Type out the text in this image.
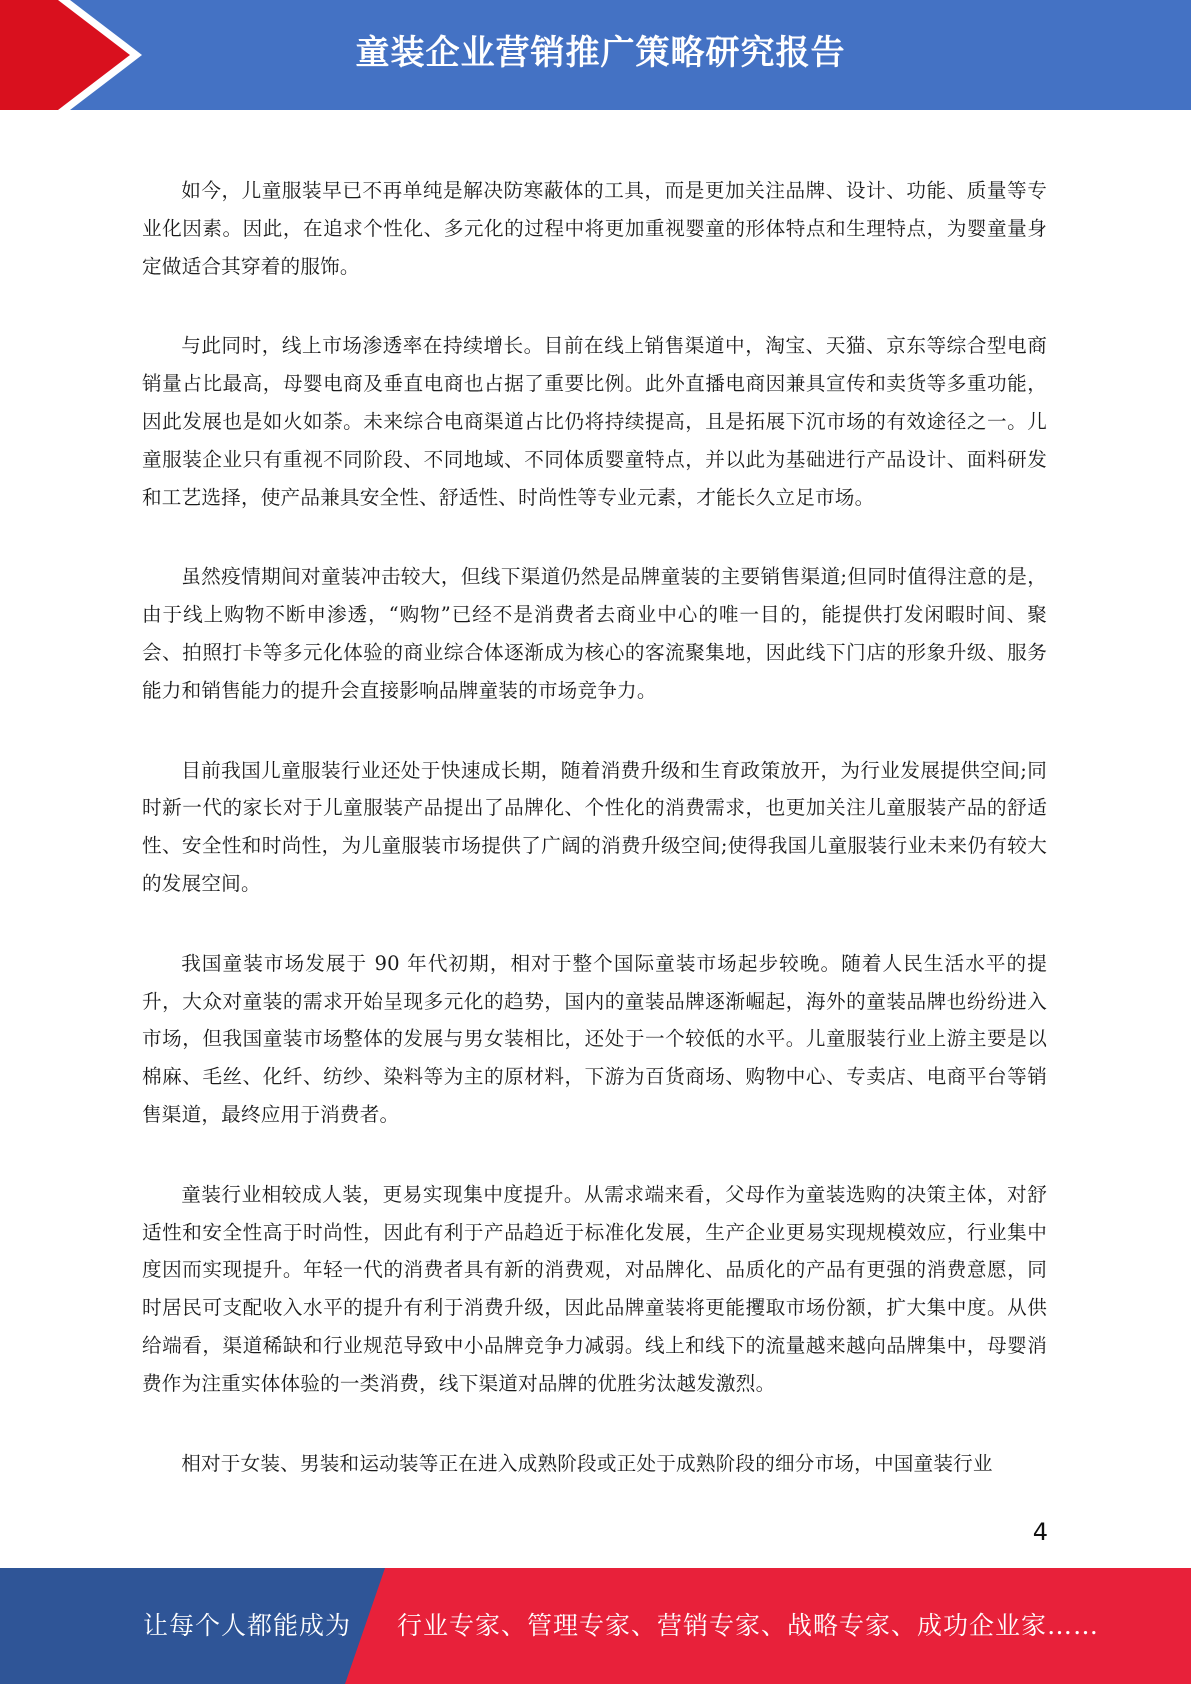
童装企业营销推广策略研究报告

如今，儿童服装早已不再单纯是解决防寒蔽体的工具，而是更加关注品牌、设计、功能、质量等专业化因素。因此，在追求个性化、多元化的过程中将更加重视婴童的形体特点和生理特点，为婴童量身定做适合其穿着的服饰。

与此同时，线上市场渗透率在持续增长。目前在线上销售渠道中，淘宝、天猫、京东等综合型电商销量占比最高，母婴电商及垂直电商也占据了重要比例。此外直播电商因兼具宣传和卖货等多重功能，因此发展也是如火如荼。未来综合电商渠道占比仍将持续提高，且是拓展下沉市场的有效途径之一。儿童服装企业只有重视不同阶段、不同地域、不同体质婴童特点，并以此为基础进行产品设计、面料研发和工艺选择，使产品兼具安全性、舒适性、时尚性等专业元素，才能长久立足市场。

虽然疫情期间对童装冲击较大，但线下渠道仍然是品牌童装的主要销售渠道;但同时值得注意的是，由于线上购物不断申渗透，“购物”已经不是消费者去商业中心的唯一目的，能提供打发闲暇时间、聚会、拍照打卡等多元化体验的商业综合体逐渐成为核心的客流聚集地，因此线下门店的形象升级、服务能力和销售能力的提升会直接影响品牌童装的市场竞争力。

目前我国儿童服装行业还处于快速成长期，随着消费升级和生育政策放开，为行业发展提供空间;同时新一代的家长对于儿童服装产品提出了品牌化、个性化的消费需求，也更加关注儿童服装产品的舒适性、安全性和时尚性，为儿童服装市场提供了广阔的消费升级空间;使得我国儿童服装行业未来仍有较大的发展空间。

我国童装市场发展于 90 年代初期，相对于整个国际童装市场起步较晚。随着人民生活水平的提升，大众对童装的需求开始呈现多元化的趋势，国内的童装品牌逐渐崛起，海外的童装品牌也纷纷进入市场，但我国童装市场整体的发展与男女装相比，还处于一个较低的水平。儿童服装行业上游主要是以棉麻、毛丝、化纤、纺纱、染料等为主的原材料，下游为百货商场、购物中心、专卖店、电商平台等销售渠道，最终应用于消费者。

童装行业相较成人装，更易实现集中度提升。从需求端来看，父母作为童装选购的决策主体，对舒适性和安全性高于时尚性，因此有利于产品趋近于标准化发展，生产企业更易实现规模效应，行业集中度因而实现提升。年轻一代的消费者具有新的消费观，对品牌化、品质化的产品有更强的消费意愿，同时居民可支配收入水平的提升有利于消费升级，因此品牌童装将更能攫取市场份额，扩大集中度。从供给端看，渠道稀缺和行业规范导致中小品牌竞争力减弱。线上和线下的流量越来越向品牌集中，母婴消费作为注重实体体验的一类消费，线下渠道对品牌的优胜劣汰越发激烈。

相对于女装、男装和运动装等正在进入成熟阶段或正处于成熟阶段的细分市场，中国童装行业

4
让每个人都能成为 行业专家、管理专家、营销专家、战略专家、成功企业家……
